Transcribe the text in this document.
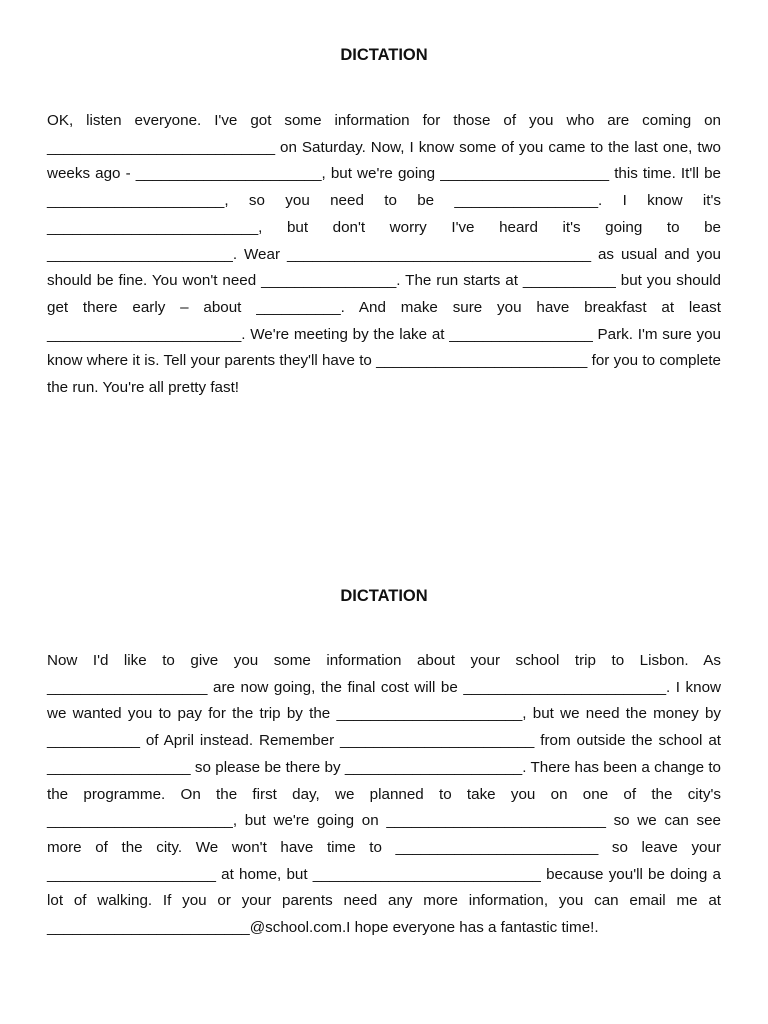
DICTATION

OK, listen everyone. I've got some information for those of you who are coming on ___________________________ on Saturday. Now, I know some of you came to the last one, two weeks ago - ______________________, but we're going ____________________ this time. It'll be _____________________, so you need to be _________________. I know it's _________________________, but don't worry I've heard it's going to be ______________________. Wear ____________________________________ as usual and you should be fine. You won't need ________________. The run starts at ___________ but you should get there early – about __________. And make sure you have breakfast at least _______________________. We're meeting by the lake at _________________ Park. I'm sure you know where it is. Tell your parents they'll have to _________________________ for you to complete the run. You're all pretty fast!

DICTATION

Now I'd like to give you some information about your school trip to Lisbon. As ___________________ are now going, the final cost will be ________________________. I know we wanted you to pay for the trip by the ______________________, but we need the money by ___________ of April instead. Remember _______________________ from outside the school at _________________ so please be there by _____________________. There has been a change to the programme. On the first day, we planned to take you on one of the city's ______________________, but we're going on __________________________ so we can see more of the city. We won't have time to ________________________ so leave your ____________________ at home, but ___________________________ because you'll be doing a lot of walking. If you or your parents need any more information, you can email me at ________________________@school.com.I hope everyone has a fantastic time!.
